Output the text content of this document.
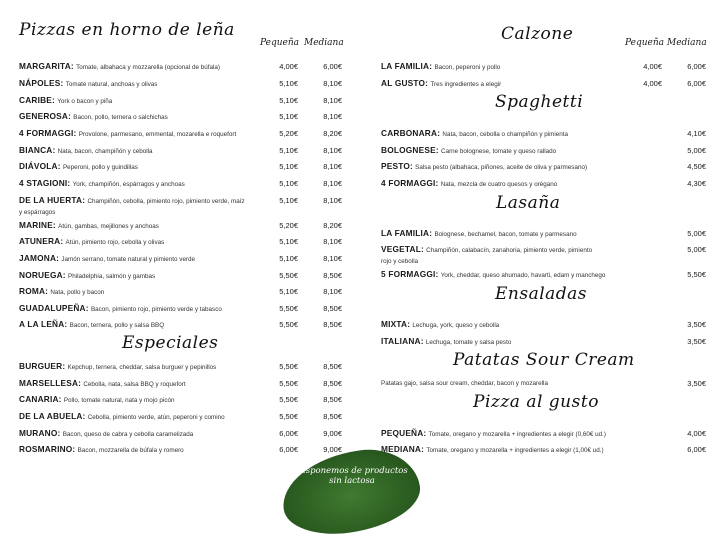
Pizzas en horno de leña
Pequeña Mediana
MARGARITA: Tomate, albahaca y mozzarella (opcional de búfala)	4,00€	6,00€
NÁPOLES: Tomate natural, anchoas y olivas	5,10€	8,10€
CARIBE: York o bacon y piña	5,10€	8,10€
GENEROSA: Bacon, pollo, ternera o salchichas	5,10€	8,10€
4 FORMAGGI: Provolone, parmesano, emmental, mozarella e roquefort	5,20€	8,20€
BIANCA: Nata, bacon, champiñón y cebolla	5,10€	8,10€
DIÁVOLA: Peperoni, pollo y guindillas	5,10€	8,10€
4 STAGIONI: York, champiñón, espárragos y anchoas	5,10€	8,10€
DE LA HUERTA: Champiñón, cebolla, pimiento rojo, pimiento verde, maíz y espárragos
5,10€	8,10€
MARINE: Atún, gambas, mejillones y anchoas	5,20€	8,20€
ATUNERA: Atún, pimiento rojo, cebolla y olivas	5,10€	8,10€
JAMONA: Jamón serrano, tomate natural y pimiento verde	5,10€	8,10€
NORUEGA: Philadelphia, salmón y gambas	5,50€	8,50€
ROMA: Nata, pollo y bacon	5,10€	8,10€
GUADALUPEÑA: Bacon, pimiento rojo, pimiento verde y tabasco	5,50€	8,50€
A LA LEÑA: Bacon, ternera, pollo y salsa BBQ	5,50€	8,50€
Especiales
BURGUER: Kepchup, ternera, cheddar, salsa burguer y pepinillos	5,50€	8,50€
MARSELLESA: Cebolla, nata, salsa BBQ y roquefort	5,50€	8,50€
CANARIA: Pollo, tomate natural, nata y mojo picón	5,50€	8,50€
DE LA ABUELA: Cebolla, pimiento verde, atún, peperoni y comino	5,50€	8,50€
MURANO: Bacon, queso de cabra y cebolla caramelizada	6,00€	9,00€
ROSMARINO: Bacon, mozzarella de búfala y romero	6,00€	9,00€
Calzone	Pequeña Mediana
LA FAMILIA: Bacon, peperoni y pollo	4,00€	6,00€
AL GUSTO: Tres ingredientes a elegir	4,00€	6,00€
Spaghetti
CARBONARA: Nata, bacon, cebolla o champiñón y pimienta	4,10€
BOLOGNESE: Carne bolognese, tomate y queso rallado	5,00€
PESTO: Salsa pesto (albahaca, piñones, aceite de oliva y parmesano)	4,50€
4 FORMAGGI: Nata, mezcla de cuatro quesos y orégano	4,30€
Lasaña
LA FAMILIA: Bolognese, bechamel, bacon, tomate y parmesano	5,00€
VEGETAL: Champiñón, calabacín, zanahoria, pimiento verde, pimiento rojo y cebolla
5,00€
5 FORMAGGI: York, cheddar, queso ahumado, havarti, edam y manchego	5,50€
Ensaladas
MIXTA: Lechuga, york, queso y cebolla	3,50€
ITALIANA: Lechuga, tomate y salsa pesto	3,50€
Patatas Sour Cream
Patatas gajo, salsa sour cream, cheddar, bacon y mozarella	3,50€
Pizza al gusto
PEQUEÑA: Tomate, oregano y mozarella + ingredientes a elegir (0,60€ ud.)	4,00€
MEDIANA: Tomate, oregano y mozarella + ingredientes a elegir (1,00€ ud.)	6,00€
Disponemos de productos sin lactosa
